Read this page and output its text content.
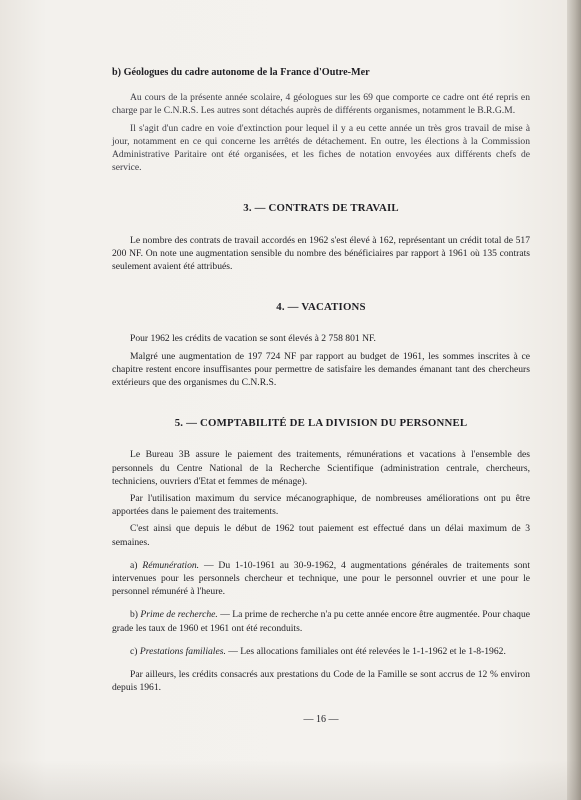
b) Géologues du cadre autonome de la France d'Outre-Mer

Au cours de la présente année scolaire, 4 géologues sur les 69 que comporte ce cadre ont été repris en charge par le C.N.R.S. Les autres sont détachés auprès de différents organismes, notamment le B.R.G.M.

Il s'agit d'un cadre en voie d'extinction pour lequel il y a eu cette année un très gros travail de mise à jour, notamment en ce qui concerne les arrêtés de détachement. En outre, les élections à la Commission Administrative Paritaire ont été organisées, et les fiches de notation envoyées aux différents chefs de service.

3. — CONTRATS DE TRAVAIL

Le nombre des contrats de travail accordés en 1962 s'est élevé à 162, représentant un crédit total de 517 200 NF. On note une augmentation sensible du nombre des bénéficiaires par rapport à 1961 où 135 contrats seulement avaient été attribués.

4. — VACATIONS

Pour 1962 les crédits de vacation se sont élevés à 2 758 801 NF.

Malgré une augmentation de 197 724 NF par rapport au budget de 1961, les sommes inscrites à ce chapitre restent encore insuffisantes pour permettre de satisfaire les demandes émanant tant des chercheurs extérieurs que des organismes du C.N.R.S.

5. — COMPTABILITÉ DE LA DIVISION DU PERSONNEL

Le Bureau 3B assure le paiement des traitements, rémunérations et vacations à l'ensemble des personnels du Centre National de la Recherche Scientifique (administration centrale, chercheurs, techniciens, ouvriers d'Etat et femmes de ménage).

Par l'utilisation maximum du service mécanographique, de nombreuses améliorations ont pu être apportées dans le paiement des traitements.

C'est ainsi que depuis le début de 1962 tout paiement est effectué dans un délai maximum de 3 semaines.

a) Rémunération. — Du 1-10-1961 au 30-9-1962, 4 augmentations générales de traitements sont intervenues pour les personnels chercheur et technique, une pour le personnel ouvrier et une pour le personnel rémunéré à l'heure.

b) Prime de recherche. — La prime de recherche n'a pu cette année encore être augmentée. Pour chaque grade les taux de 1960 et 1961 ont été reconduits.

c) Prestations familiales. — Les allocations familiales ont été relevées le 1-1-1962 et le 1-8-1962.

Par ailleurs, les crédits consacrés aux prestations du Code de la Famille se sont accrus de 12 % environ depuis 1961.

— 16 —
